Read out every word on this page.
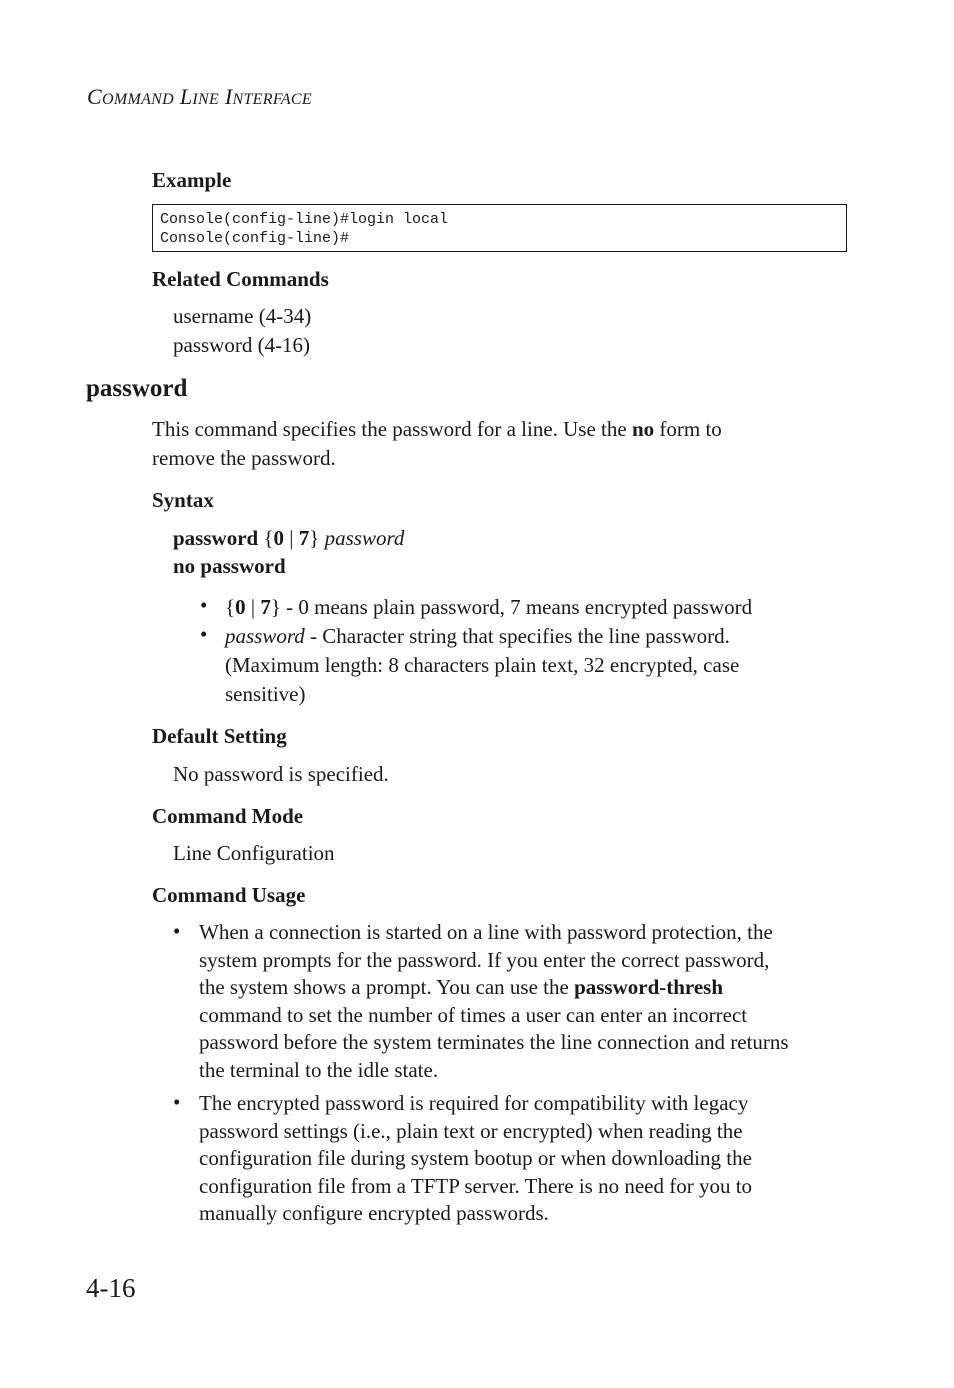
COMMAND LINE INTERFACE
Example
Console(config-line)#login local
Console(config-line)#
Related Commands
username (4-34)
password (4-16)
password
This command specifies the password for a line. Use the no form to
remove the password.
Syntax
password {0 | 7} password
no password
• {0 | 7} - 0 means plain password, 7 means encrypted password
• password - Character string that specifies the line password.
(Maximum length: 8 characters plain text, 32 encrypted, case
sensitive)
Default Setting
No password is specified.
Command Mode
Line Configuration
Command Usage
• When a connection is started on a line with password protection, the
system prompts for the password. If you enter the correct password,
the system shows a prompt. You can use the password-thresh
command to set the number of times a user can enter an incorrect
password before the system terminates the line connection and returns
the terminal to the idle state.
• The encrypted password is required for compatibility with legacy
password settings (i.e., plain text or encrypted) when reading the
configuration file during system bootup or when downloading the
configuration file from a TFTP server. There is no need for you to
manually configure encrypted passwords.
4-16
